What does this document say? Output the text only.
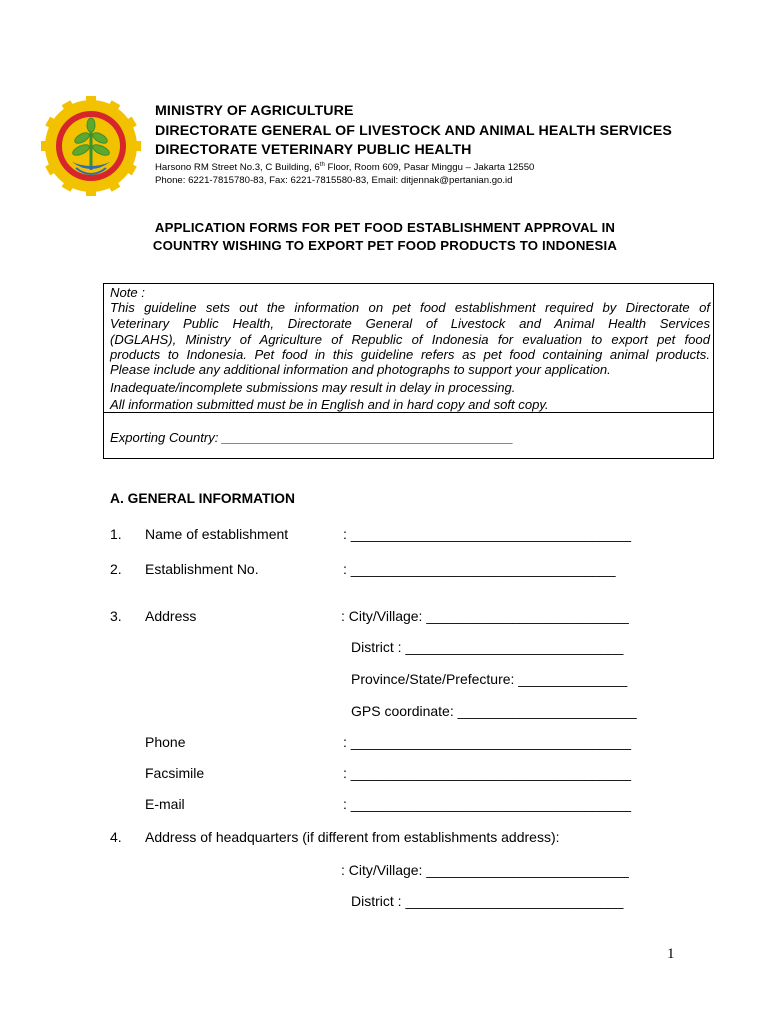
MINISTRY OF AGRICULTURE
DIRECTORATE GENERAL OF LIVESTOCK AND ANIMAL HEALTH SERVICES
DIRECTORATE VETERINARY PUBLIC HEALTH
Harsono RM Street No.3, C Building, 6th Floor, Room 609, Pasar Minggu – Jakarta 12550
Phone: 6221-7815780-83, Fax: 6221-7815580-83, Email: ditjennak@pertanian.go.id
APPLICATION FORMS FOR PET FOOD ESTABLISHMENT APPROVAL IN
COUNTRY WISHING TO EXPORT PET FOOD PRODUCTS TO INDONESIA
Note :
This guideline sets out the information on pet food establishment required by Directorate of
Veterinary Public Health, Directorate General of Livestock and Animal Health Services
(DGLAHS), Ministry of Agriculture of Republic of Indonesia for evaluation to export pet food
products to Indonesia. Pet food in this guideline refers as pet food containing animal products.
Please include any additional information and photographs to support your application.
Inadequate/incomplete submissions may result in delay in processing.
All information submitted must be in English and in hard copy and soft copy.
Exporting Country: ________________________________________
A. GENERAL INFORMATION
1. Name of establishment	: ____________________________________
2. Establishment No.	: __________________________________
3. Address	: City/Village: __________________________
District : ____________________________
Province/State/Prefecture: ______________
GPS coordinate: _______________________
Phone	: ____________________________________
Facsimile	: ____________________________________
E-mail	: ____________________________________
4. Address of headquarters (if different from establishments address):
: City/Village: __________________________
District : ____________________________
1
